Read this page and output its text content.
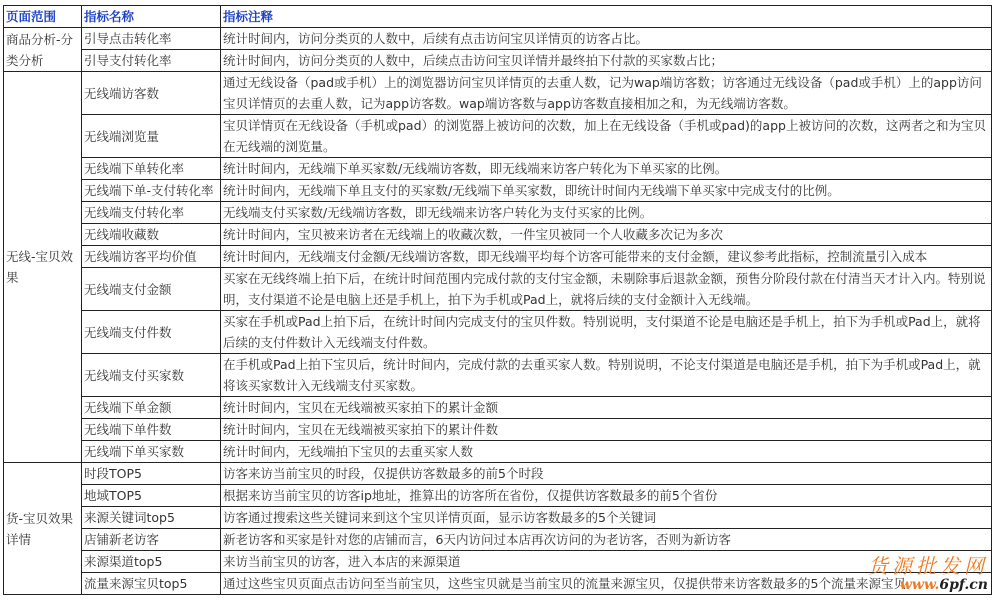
页面范围	指标名称	指标注释
商品分析-分类分析	引导点击转化率	统计时间内，访问分类页的人数中，后续有点击访问宝贝详情页的访客占比。
	引导支付转化率	统计时间内，访问分类页的人数中，后续点击访问宝贝详情并最终拍下付款的买家数占比；
无线-宝贝效果	无线端访客数	通过无线设备（pad或手机）上的浏览器访问宝贝详情页的去重人数，记为wap端访客数；访客通过无线设备（pad或手机）上的app访问宝贝详情页的去重人数，记为app访客数。wap端访客数与app访客数直接相加之和，为无线端访客数。
	无线端浏览量	宝贝详情页在无线设备（手机或pad）的浏览器上被访问的次数，加上在无线设备（手机或pad)的app上被访问的次数，这两者之和为宝贝在无线端的浏览量。
	无线端下单转化率	统计时间内，无线端下单买家数/无线端访客数，即无线端来访客户转化为下单买家的比例。
	无线端下单-支付转化率	统计时间内，无线端下单且支付的买家数/无线端下单买家数，即统计时间内无线端下单买家中完成支付的比例。
	无线端支付转化率	无线端支付买家数/无线端访客数，即无线端来访客户转化为支付买家的比例。
	无线端收藏数	统计时间内，宝贝被来访者在无线端上的收藏次数，一件宝贝被同一个人收藏多次记为多次
	无线端访客平均价值	统计时间内，无线端支付金额/无线端访客数，即无线端平均每个访客可能带来的支付金额，建议参考此指标，控制流量引入成本
	无线端支付金额	买家在无线终端上拍下后，在统计时间范围内完成付款的支付宝金额，未剔除事后退款金额，预售分阶段付款在付清当天才计入内。特别说明，支付渠道不论是电脑上还是手机上，拍下为手机或Pad上，就将后续的支付金额计入无线端。
	无线端支付件数	买家在手机或Pad上拍下后，在统计时间内完成支付的宝贝件数。特别说明，支付渠道不论是电脑还是手机上，拍下为手机或Pad上，就将后续的支付件数计入无线端支付件数。
	无线端支付买家数	在手机或Pad上拍下宝贝后，统计时间内，完成付款的去重买家人数。特别说明，不论支付渠道是电脑还是手机，拍下为手机或Pad上，就将该买家数计入无线端支付买家数。
	无线端下单金额	统计时间内，宝贝在无线端被买家拍下的累计金额
	无线端下单件数	统计时间内，宝贝在无线端被买家拍下的累计件数
	无线端下单买家数	统计时间内，无线端拍下宝贝的去重买家人数
货-宝贝效果详情	时段TOP5	访客来访当前宝贝的时段，仅提供访客数最多的前5个时段
	地域TOP5	根据来访当前宝贝的访客ip地址，推算出的访客所在省份，仅提供访客数最多的前5个省份
	来源关键词top5	访客通过搜索这些关键词来到这个宝贝详情页面，显示访客数最多的5个关键词
	店铺新老访客	新老访客和买家是针对您的店铺而言，6天内访问过本店再次访问的为老访客，否则为新访客
	来源渠道top5	来访当前宝贝的访客，进入本店的来源渠道
	流量来源宝贝top5	通过这些宝贝页面点击访问至当前宝贝，这些宝贝就是当前宝贝的流量来源宝贝，仅提供带来访客数最多的5个流量来源宝贝
货源批发网
www.6pf.cn
